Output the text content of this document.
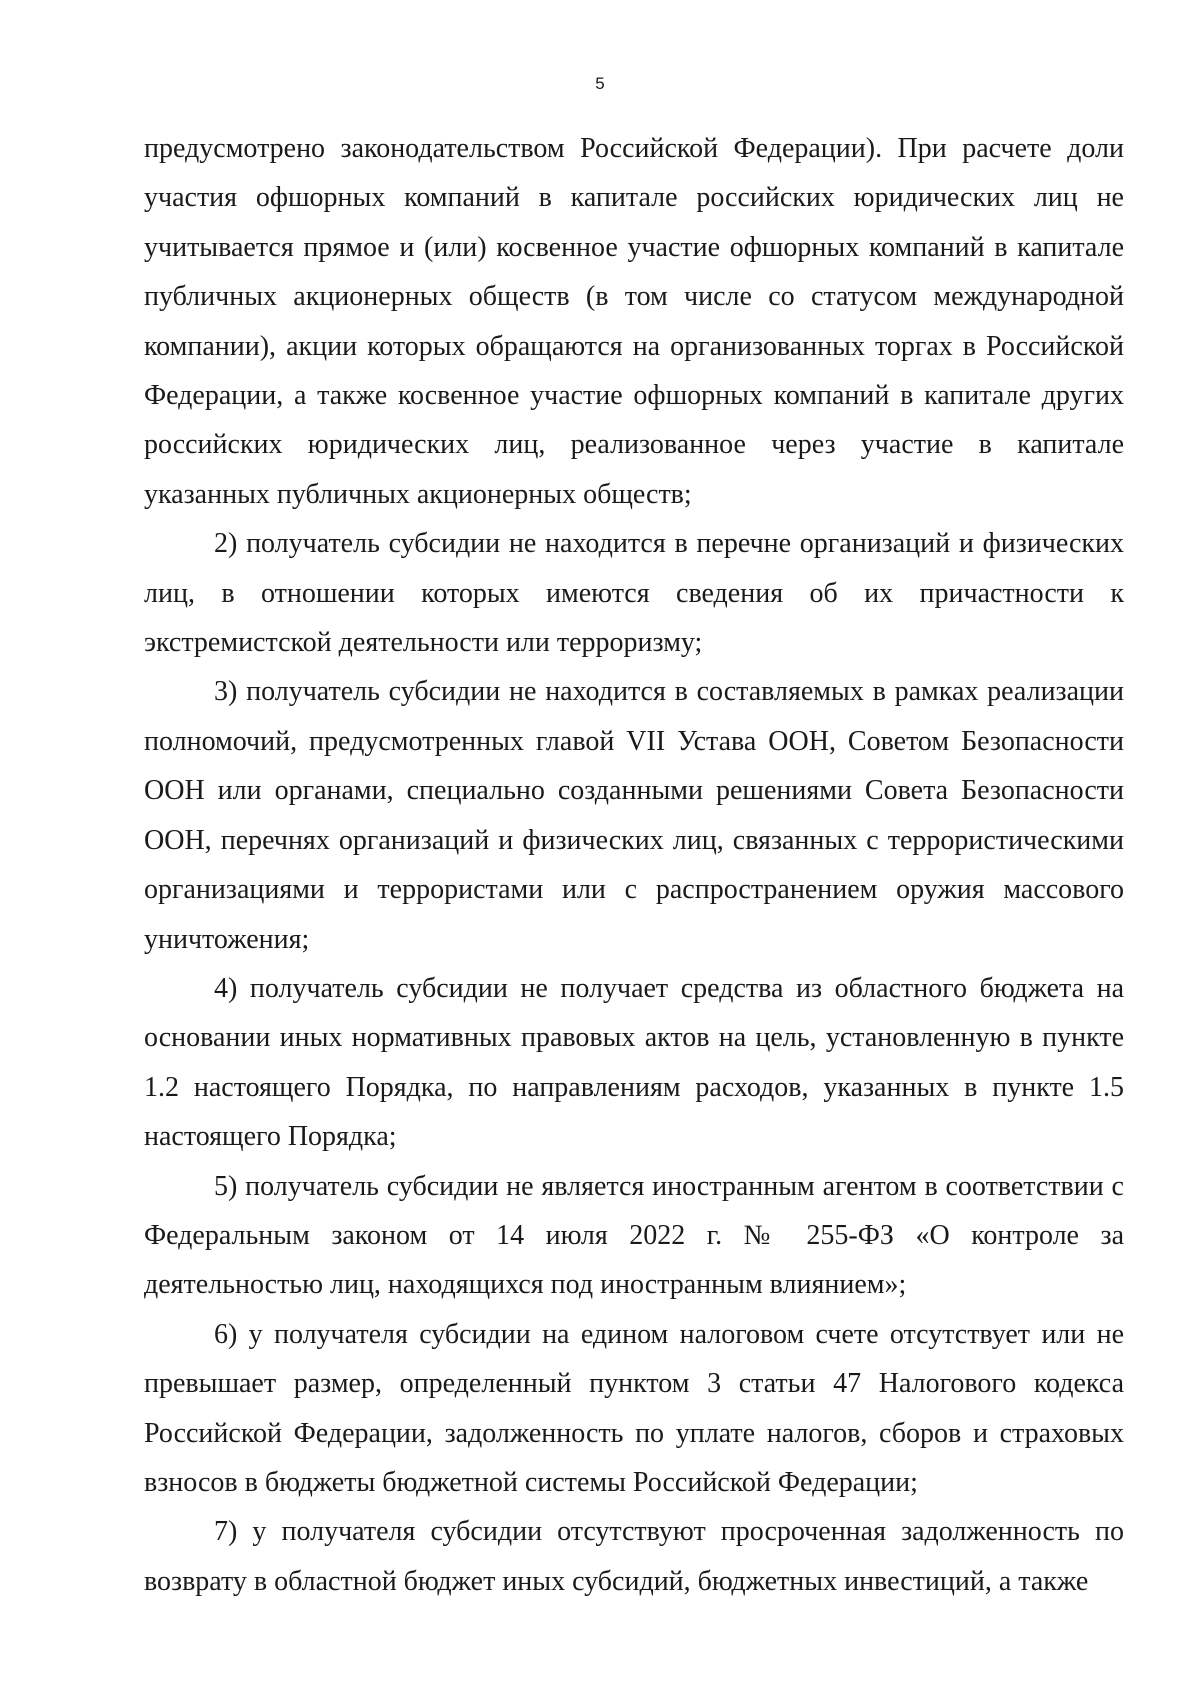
5

предусмотрено законодательством Российской Федерации). При расчете доли участия офшорных компаний в капитале российских юридических лиц не учитывается прямое и (или) косвенное участие офшорных компаний в капитале публичных акционерных обществ (в том числе со статусом международной компании), акции которых обращаются на организованных торгах в Российской Федерации, а также косвенное участие офшорных компаний в капитале других российских юридических лиц, реализованное через участие в капитале указанных публичных акционерных обществ;

2) получатель субсидии не находится в перечне организаций и физических лиц, в отношении которых имеются сведения об их причастности к экстремистской деятельности или терроризму;

3) получатель субсидии не находится в составляемых в рамках реализации полномочий, предусмотренных главой VII Устава ООН, Советом Безопасности ООН или органами, специально созданными решениями Совета Безопасности ООН, перечнях организаций и физических лиц, связанных с террористическими организациями и террористами или с распространением оружия массового уничтожения;

4) получатель субсидии не получает средства из областного бюджета на основании иных нормативных правовых актов на цель, установленную в пункте 1.2 настоящего Порядка, по направлениям расходов, указанных в пункте 1.5 настоящего Порядка;

5) получатель субсидии не является иностранным агентом в соответствии с Федеральным законом от 14 июля 2022 г. № 255-ФЗ «О контроле за деятельностью лиц, находящихся под иностранным влиянием»;

6) у получателя субсидии на едином налоговом счете отсутствует или не превышает размер, определенный пунктом 3 статьи 47 Налогового кодекса Российской Федерации, задолженность по уплате налогов, сборов и страховых взносов в бюджеты бюджетной системы Российской Федерации;

7) у получателя субсидии отсутствуют просроченная задолженность по возврату в областной бюджет иных субсидий, бюджетных инвестиций, а также
